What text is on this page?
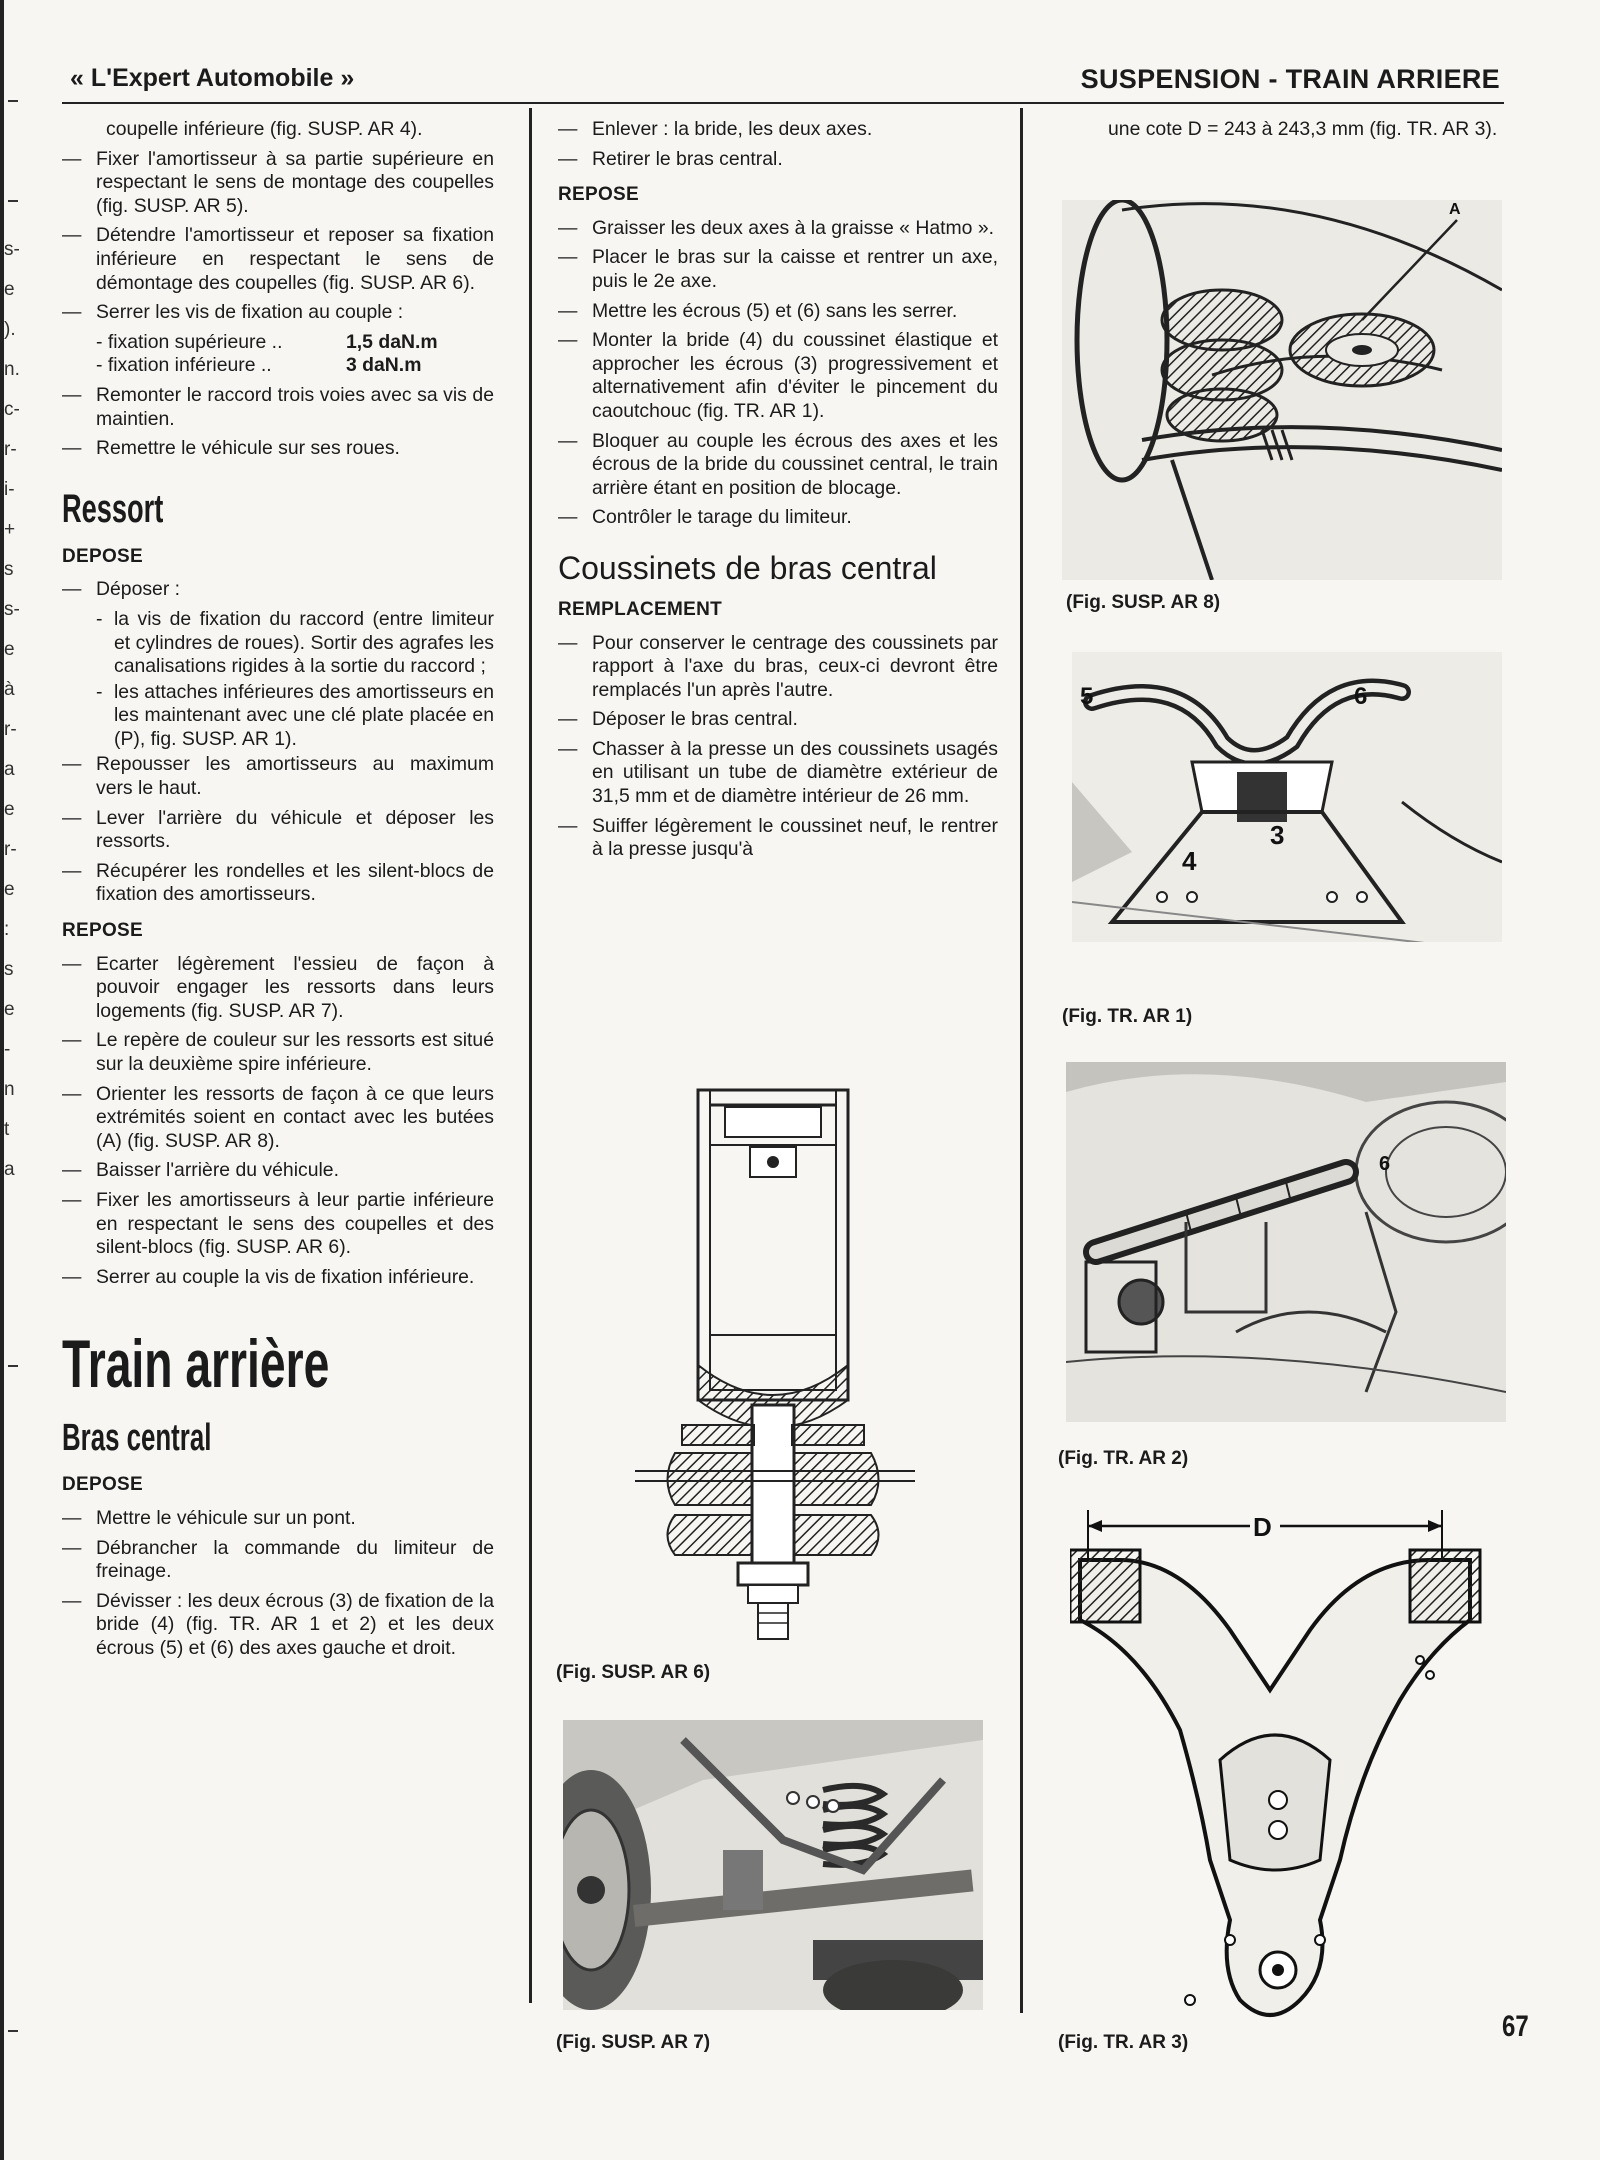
s-
e
).
n.
c-
r-
i-
+
s
s-
e
à
r-
a
e
r-
e
:
s
e
-
n
t
a
« L'Expert Automobile »	SUSPENSION - TRAIN ARRIERE
coupelle inférieure (fig. SUSP. AR 4).
— Fixer l'amortisseur à sa partie supérieure en respectant le sens de montage des coupelles (fig. SUSP. AR 5).
— Détendre l'amortisseur et reposer sa fixation inférieure en respectant le sens de démontage des coupelles (fig. SUSP. AR 6).
— Serrer les vis de fixation au couple :
- fixation supérieure ..	1,5 daN.m
- fixation inférieure ..	3 daN.m
— Remonter le raccord trois voies avec sa vis de maintien.
— Remettre le véhicule sur ses roues.
Ressort
DEPOSE
— Déposer :
- la vis de fixation du raccord (entre limiteur et cylindres de roues). Sortir des agrafes les canalisations rigides à la sortie du raccord ;
- les attaches inférieures des amortisseurs en les maintenant avec une clé plate placée en (P), fig. SUSP. AR 1).
— Repousser les amortisseurs au maximum vers le haut.
— Lever l'arrière du véhicule et déposer les ressorts.
— Récupérer les rondelles et les silent-blocs de fixation des amortisseurs.
REPOSE
— Ecarter légèrement l'essieu de façon à pouvoir engager les ressorts dans leurs logements (fig. SUSP. AR 7).
— Le repère de couleur sur les ressorts est situé sur la deuxième spire inférieure.
— Orienter les ressorts de façon à ce que leurs extrémités soient en contact avec les butées (A) (fig. SUSP. AR 8).
— Baisser l'arrière du véhicule.
— Fixer les amortisseurs à leur partie inférieure en respectant le sens des coupelles et des silent-blocs (fig. SUSP. AR 6).
— Serrer au couple la vis de fixation inférieure.
Train arrière
Bras central
DEPOSE
— Mettre le véhicule sur un pont.
— Débrancher la commande du limiteur de freinage.
— Dévisser : les deux écrous (3) de fixation de la bride (4) (fig. TR. AR 1 et 2) et les deux écrous (5) et (6) des axes gauche et droit.
— Enlever : la bride, les deux axes.
— Retirer le bras central.
REPOSE
— Graisser les deux axes à la graisse « Hatmo ».
— Placer le bras sur la caisse et rentrer un axe, puis le 2e axe.
— Mettre les écrous (5) et (6) sans les serrer.
— Monter la bride (4) du coussinet élastique et approcher les écrous (3) progressivement et alternativement afin d'éviter le pincement du caoutchouc (fig. TR. AR 1).
— Bloquer au couple les écrous des axes et les écrous de la bride du coussinet central, le train arrière étant en position de blocage.
— Contrôler le tarage du limiteur.
Coussinets de bras central
REMPLACEMENT
— Pour conserver le centrage des coussinets par rapport à l'axe du bras, ceux-ci devront être remplacés l'un après l'autre.
— Déposer le bras central.
— Chasser à la presse un des coussinets usagés en utilisant un tube de diamètre extérieur de 31,5 mm et de diamètre intérieur de 26 mm.
— Suiffer légèrement le coussinet neuf, le rentrer à la presse jusqu'à
(Fig. SUSP. AR 6)
(Fig. SUSP. AR 7)
une cote D = 243 à 243,3 mm (fig. TR. AR 3).
A
(Fig. SUSP. AR 8)
5	6
4
3
(Fig. TR. AR 1)
6
(Fig. TR. AR 2)
D
(Fig. TR. AR 3)	67
